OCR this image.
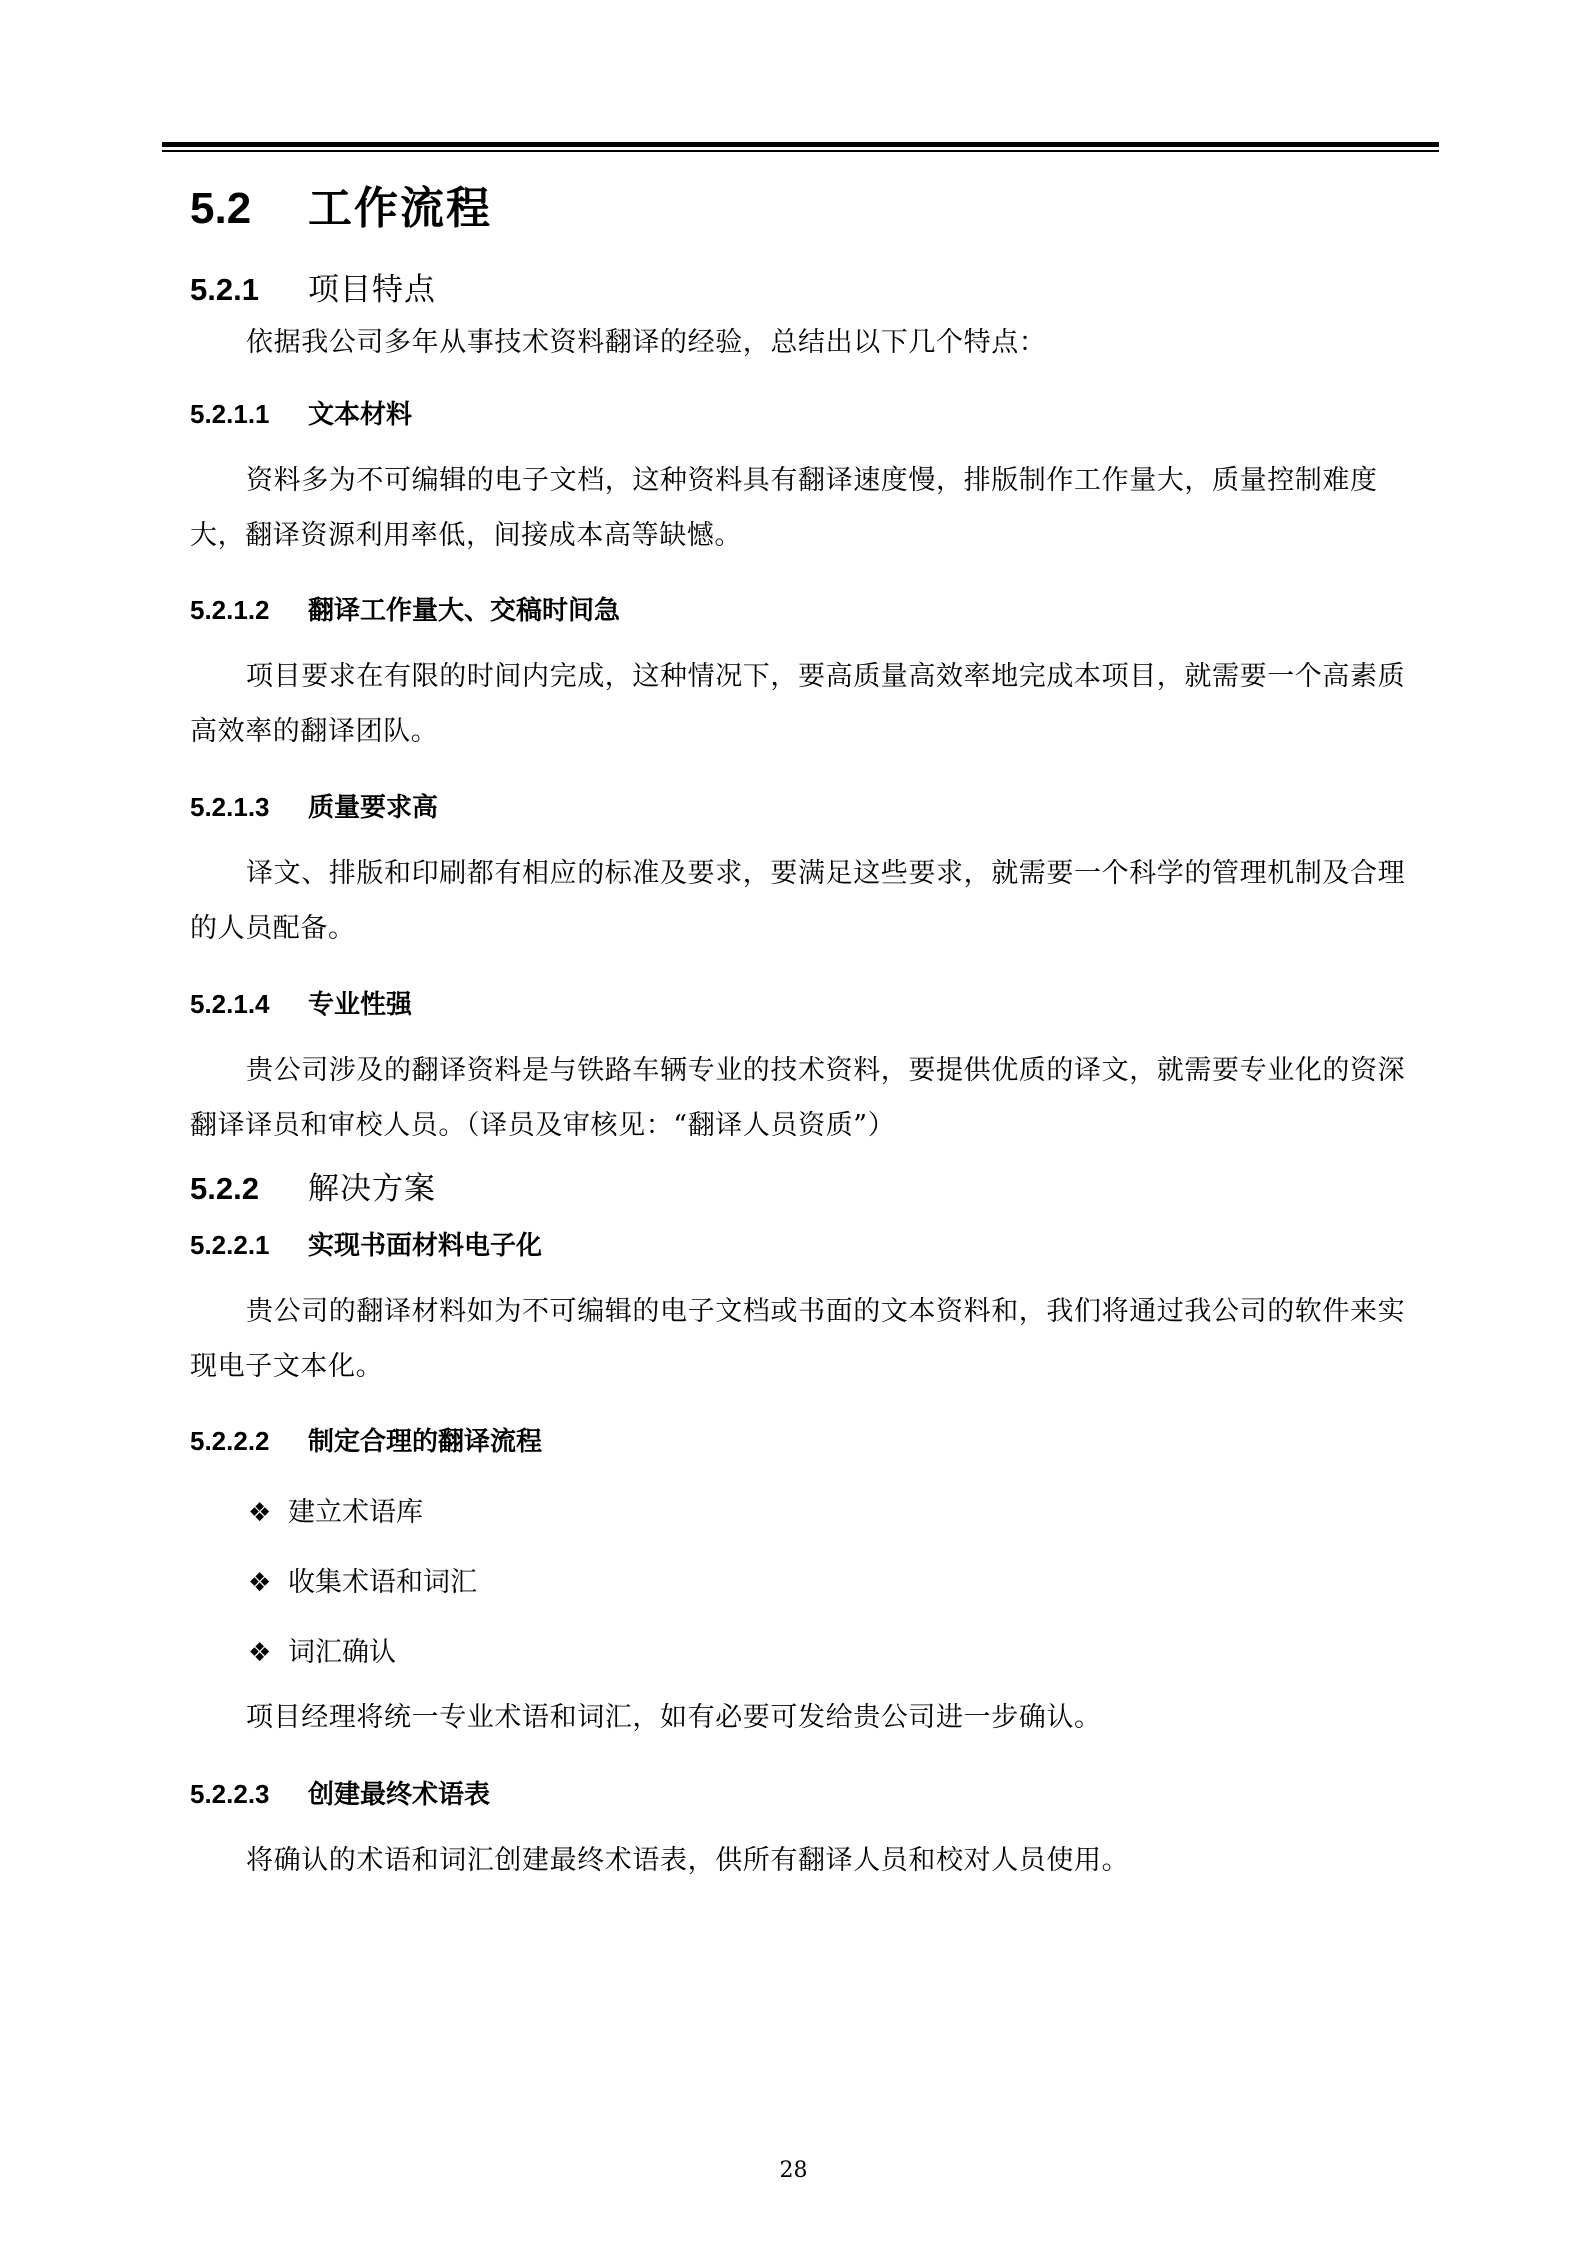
5.2 工作流程
5.2.1 项目特点

依据我公司多年从事技术资料翻译的经验，总结出以下几个特点：

5.2.1.1 文本材料

资料多为不可编辑的电子文档，这种资料具有翻译速度慢，排版制作工作量大，质量控制难度大，翻译资源利用率低，间接成本高等缺憾。

5.2.1.2 翻译工作量大、交稿时间急

项目要求在有限的时间内完成，这种情况下，要高质量高效率地完成本项目，就需要一个高素质高效率的翻译团队。

5.2.1.3 质量要求高

译文、排版和印刷都有相应的标准及要求，要满足这些要求，就需要一个科学的管理机制及合理的人员配备。

5.2.1.4 专业性强

贵公司涉及的翻译资料是与铁路车辆专业的技术资料，要提供优质的译文，就需要专业化的资深翻译译员和审校人员。（译员及审核见：“翻译人员资质”）

5.2.2 解决方案
5.2.2.1 实现书面材料电子化

贵公司的翻译材料如为不可编辑的电子文档或书面的文本资料和，我们将通过我公司的软件来实现电子文本化。

5.2.2.2 制定合理的翻译流程
❖ 建立术语库
❖ 收集术语和词汇
❖ 词汇确认

项目经理将统一专业术语和词汇，如有必要可发给贵公司进一步确认。

5.2.2.3 创建最终术语表

将确认的术语和词汇创建最终术语表，供所有翻译人员和校对人员使用。

28
